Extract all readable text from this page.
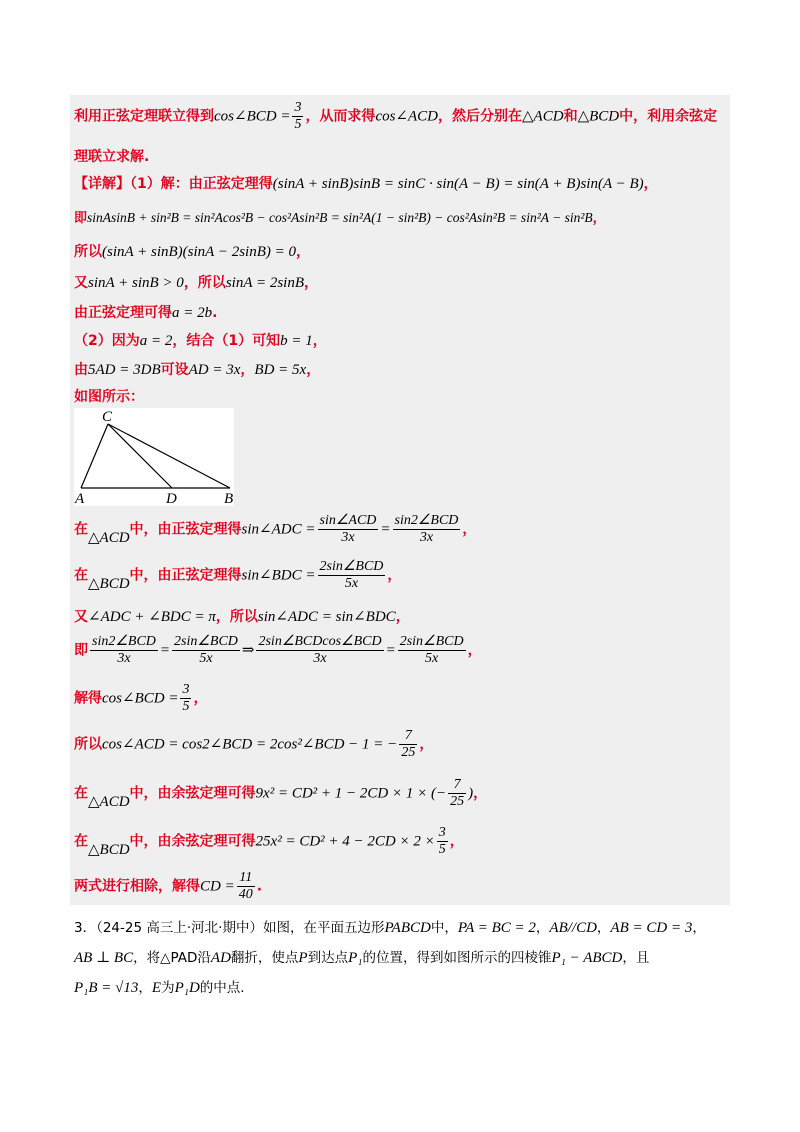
利用正弦定理联立得到cos∠BCD = $\frac{3}{5}$ ，从而求得cos∠ACD，然后分别在△ACD和△BCD中，利用余弦定
理联立求解.
【详解】（1）解：由正弦定理得(sinA + sinB)sinB = sinC · sin(A − B) = sin(A + B)sin(A − B)，
即sinAsinB + sin²B = sin²Acos²B − cos²Asin²B = sin²A(1 − sin²B) − cos²Asin²B = sin²A − sin²B，
所以(sinA + sinB)(sinA − 2sinB) = 0，
又sinA + sinB > 0，所以sinA = 2sinB，
由正弦定理可得a = 2b.
（2）因为a = 2，结合（1）可知b = 1，
由5AD = 3DB可设AD = 3x，BD = 5x，
如图所示：
C
A	D	B
在△ACD中，由正弦定理得sin∠ADC = $\frac{\text{sin∠ACD}}{3x} = \frac{\text{sin2∠BCD}}{3x}$ ，
在△BCD中，由正弦定理得sin∠BDC = $\frac{\text{2sin∠BCD}}{5x}$ ，
又∠ADC + ∠BDC = π，所以sin∠ADC = sin∠BDC，
即 $\frac{\text{sin2∠BCD}}{3x} = \frac{\text{2sin∠BCD}}{5x}$ ⇒ $\frac{\text{2sin∠BCDcos∠BCD}}{3x} = \frac{\text{2sin∠BCD}}{5x}$ ，
解得cos∠BCD = $\frac{3}{5}$ ，
所以cos∠ACD = cos2∠BCD = 2cos²∠BCD − 1 = − $\frac{7}{25}$ ，
在△ACD中，由余弦定理可得9x² = CD² + 1 − 2CD × 1 × (− $\frac{7}{25}$ )，
在△BCD中，由余弦定理可得$25x^2 = CD^2 + 4 - 2CD \times 2 \times \frac{3}{5}$ ，
两式进行相除，解得CD = $\frac{11}{40}$ .
3．（24-25 高三上·河北·期中）如图，在平面五边形PABCD中，PA = BC = 2，AB//CD，AB = CD = 3，
AB ⊥ BC，将△PAD沿AD翻折，使点P到达点P₁的位置，得到如图所示的四棱锥P₁ − ABCD，且
P₁B = √13，E为P₁D的中点.
